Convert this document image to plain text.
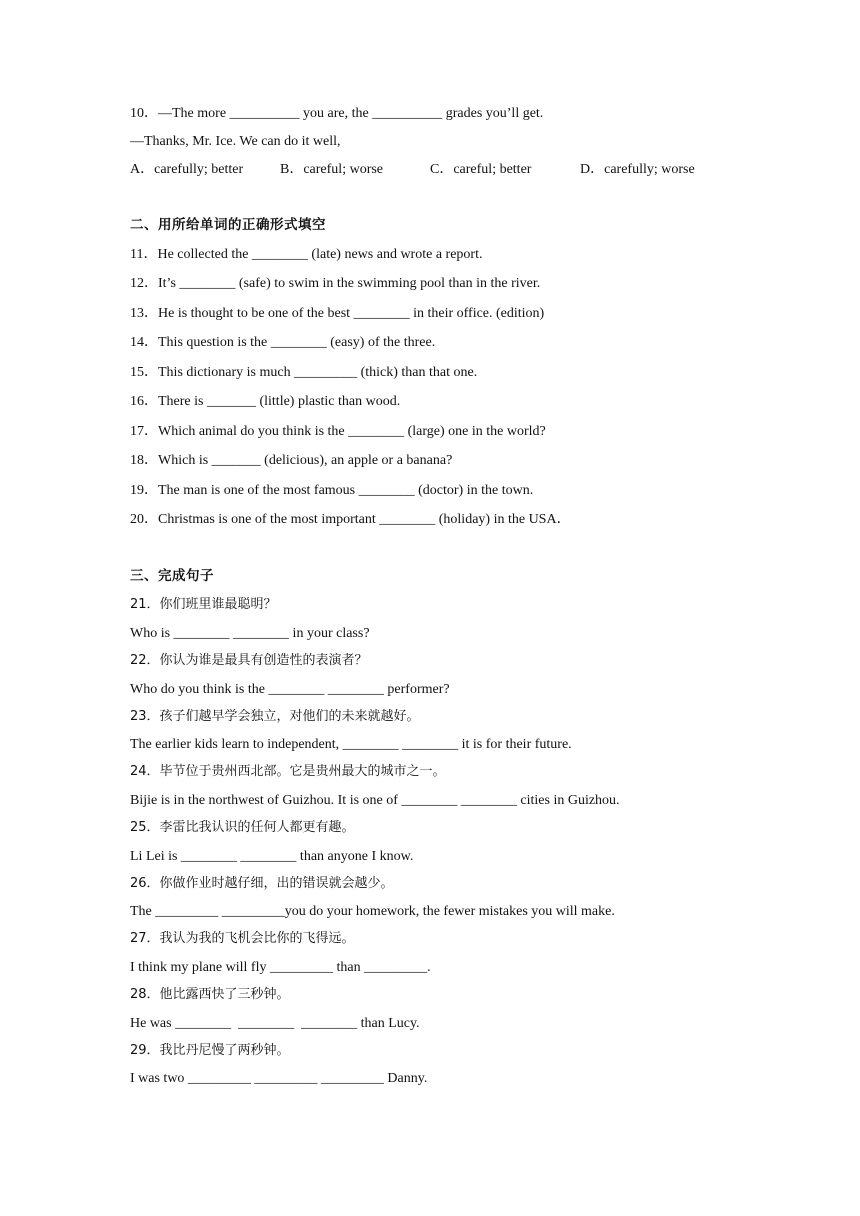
10．—The more __________ you are, the __________ grades you’ll get.
—Thanks, Mr. Ice. We can do it well,
A．carefully; better	B．careful; worse	C．careful; better	D．carefully; worse
二、用所给单词的正确形式填空
11．He collected the ________ (late) news and wrote a report.
12．It’s ________ (safe) to swim in the swimming pool than in the river.
13．He is thought to be one of the best ________ in their office. (edition)
14．This question is the ________ (easy) of the three.
15．This dictionary is much _________ (thick) than that one.
16．There is _______ (little) plastic than wood.
17．Which animal do you think is the ________ (large) one in the world?
18．Which is _______ (delicious), an apple or a banana?
19．The man is one of the most famous ________ (doctor) in the town.
20．Christmas is one of the most important ________ (holiday) in the USA．
三、完成句子
21．你们班里谁最聪明？
Who is ________ ________ in your class?
22．你认为谁是最具有创造性的表演者？
Who do you think is the ________ ________ performer?
23．孩子们越早学会独立，对他们的未来就越好。
The earlier kids learn to independent, ________ ________ it is for their future.
24．毕节位于贵州西北部。它是贵州最大的城市之一。
Bijie is in the northwest of Guizhou. It is one of ________ ________ cities in Guizhou.
25．李雷比我认识的任何人都更有趣。
Li Lei is ________ ________ than anyone I know.
26．你做作业时越仔细，出的错误就会越少。
The _________ _________you do your homework, the fewer mistakes you will make.
27．我认为我的飞机会比你的飞得远。
I think my plane will fly _________ than _________.
28．他比露西快了三秒钟。
He was ________  ________  ________ than Lucy.
29．我比丹尼慢了两秒钟。
I was two _________ _________ _________ Danny.
